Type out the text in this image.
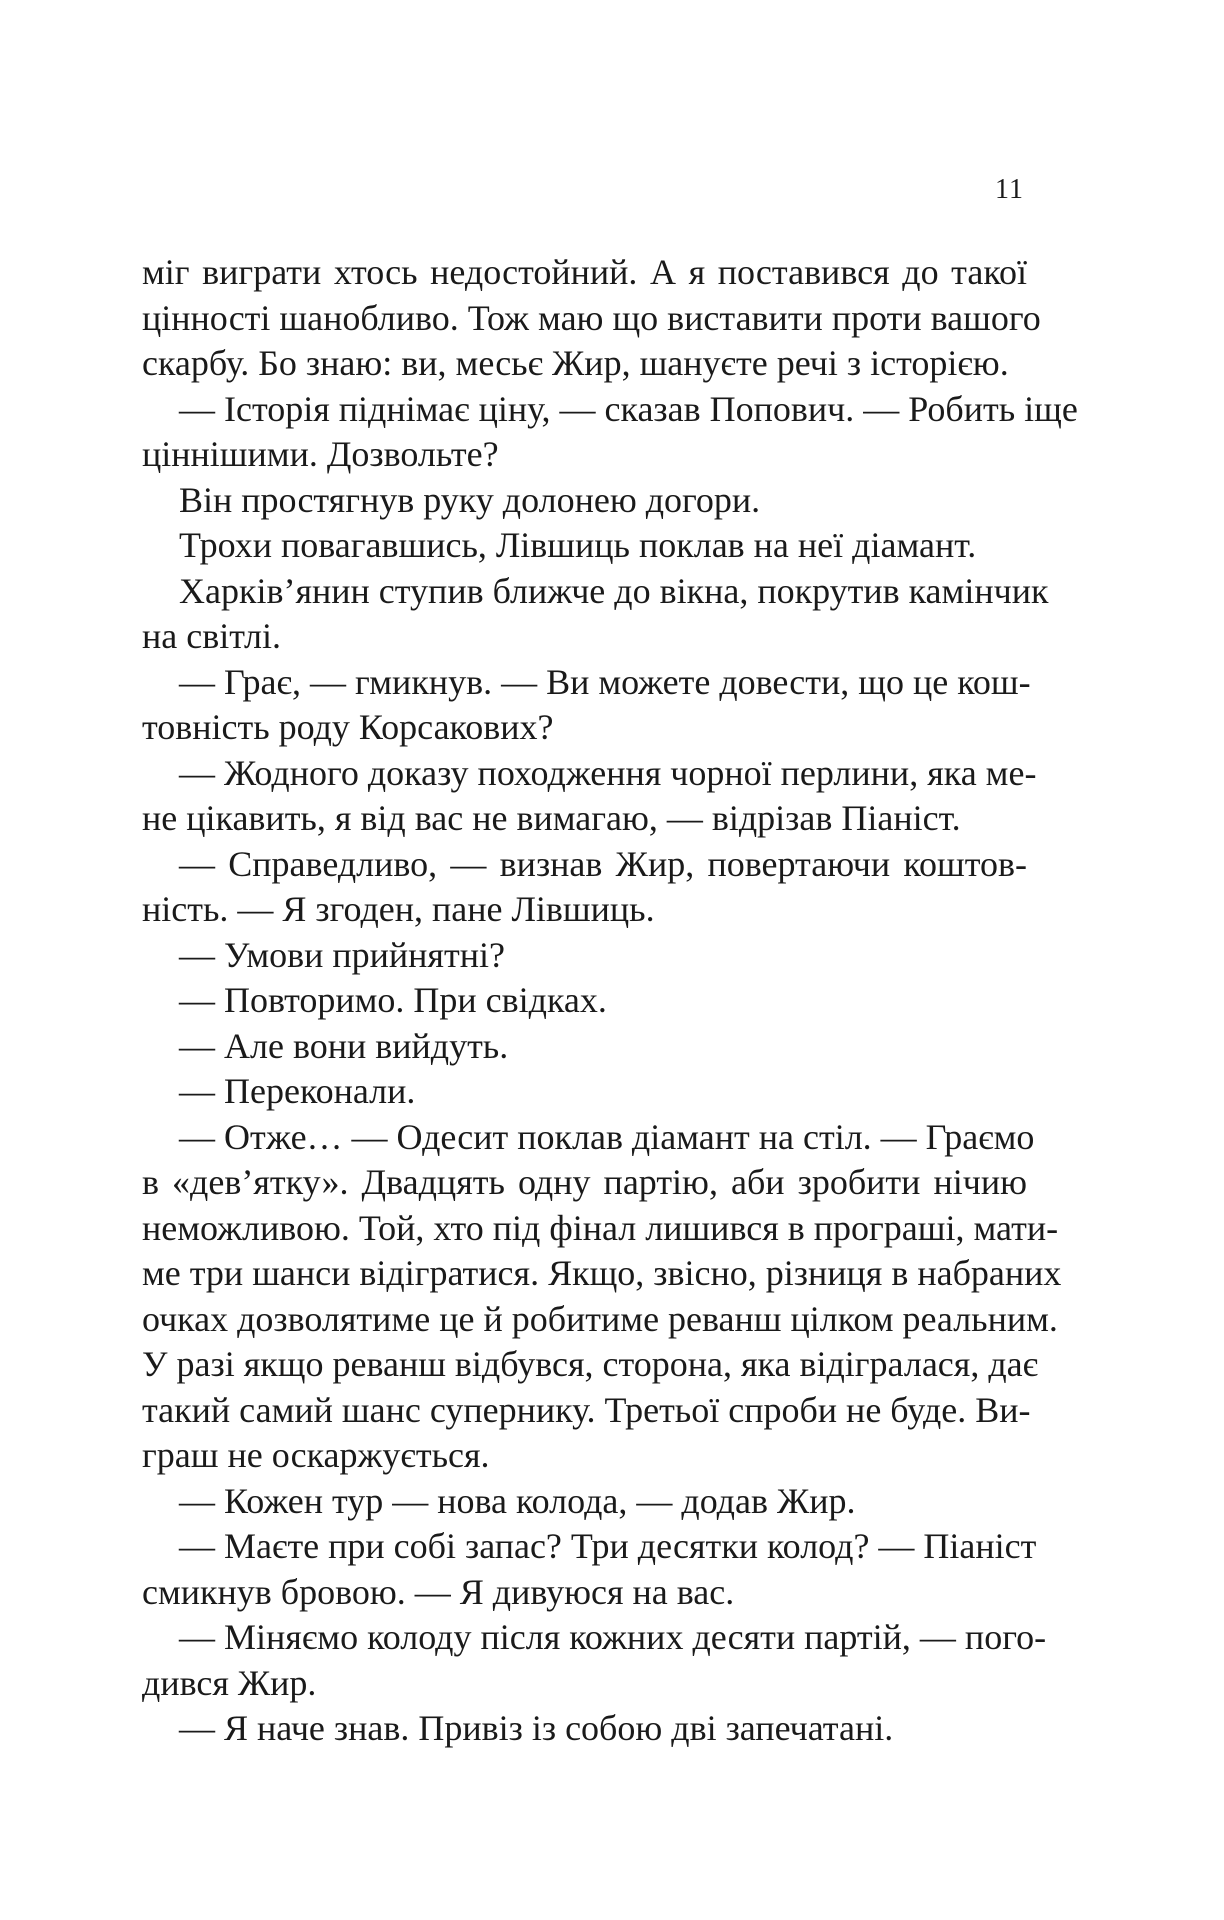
11
міг виграти хтось недостойний. А я поставився до такої
цінності шанобливо. Тож маю що виставити проти вашого
скарбу. Бо знаю: ви, месьє Жир, шануєте речі з історією.
— Історія піднімає ціну, — сказав Попович. — Робить іще
ціннішими. Дозвольте?
Він простягнув руку долонею догори.
Трохи повагавшись, Лівшиць поклав на неї діамант.
Харків’янин ступив ближче до вікна, покрутив камінчик
на світлі.
— Грає, — гмикнув. — Ви можете довести, що це кош-
товність роду Корсакових?
— Жодного доказу походження чорної перлини, яка ме-
не цікавить, я від вас не вимагаю, — відрізав Піаніст.
— Справедливо, — визнав Жир, повертаючи коштов-
ність. — Я згоден, пане Лівшиць.
— Умови прийнятні?
— Повторимо. При свідках.
— Але вони вийдуть.
— Переконали.
— Отже… — Одесит поклав діамант на стіл. — Граємо
в «дев’ятку». Двадцять одну партію, аби зробити нічию
неможливою. Той, хто під фінал лишився в програші, мати-
ме три шанси відігратися. Якщо, звісно, різниця в набраних
очках дозволятиме це й робитиме реванш цілком реальним.
У разі якщо реванш відбувся, сторона, яка відігралася, дає
такий самий шанс супернику. Третьої спроби не буде. Ви-
граш не оскаржується.
— Кожен тур — нова колода, — додав Жир.
— Маєте при собі запас? Три десятки колод? — Піаніст
смикнув бровою. — Я дивуюся на вас.
— Міняємо колоду після кожних десяти партій, — пого-
дився Жир.
— Я наче знав. Привіз із собою дві запечатані.
